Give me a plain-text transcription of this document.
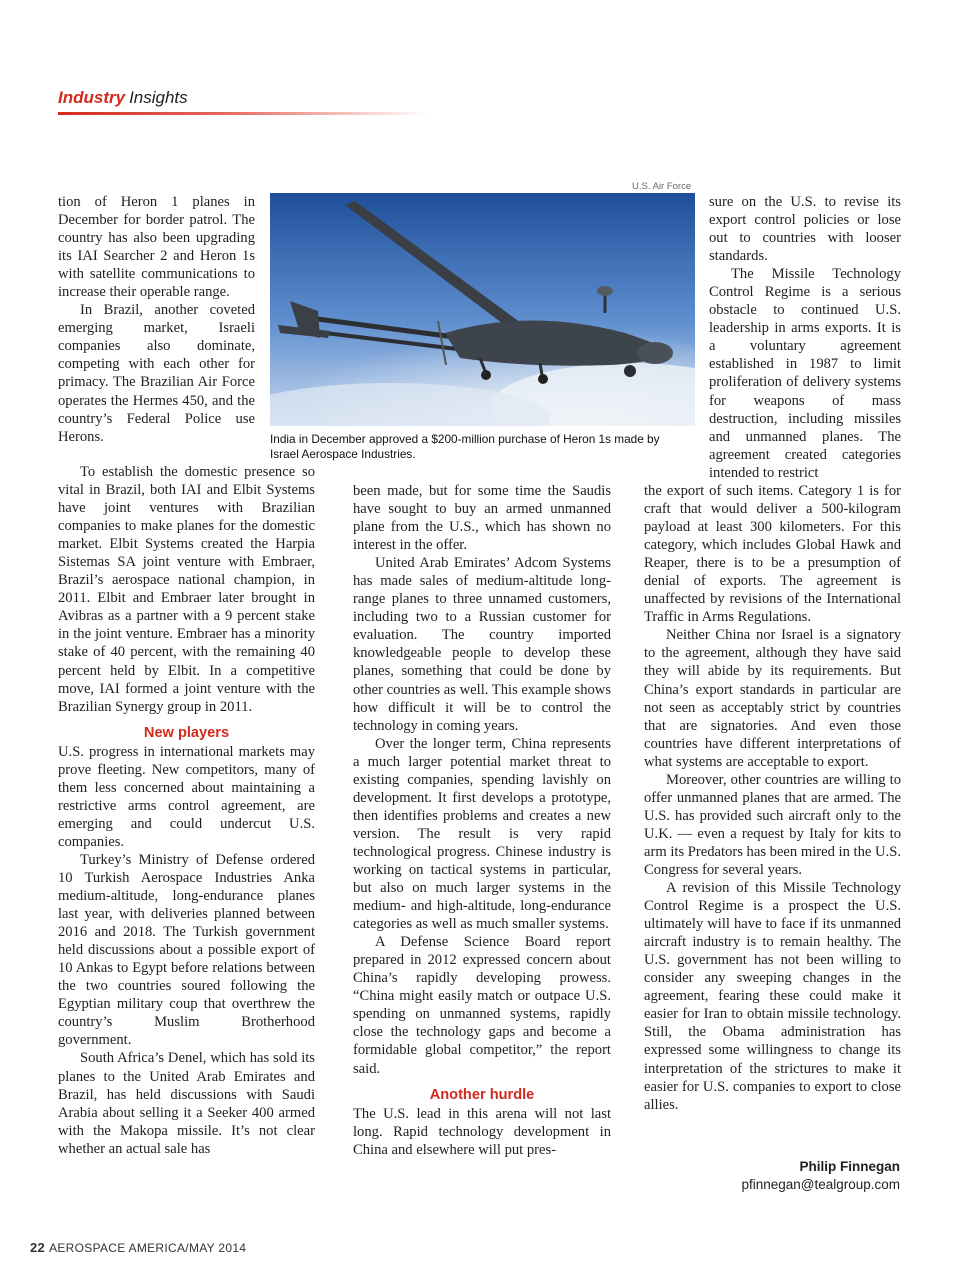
Industry Insights

tion of Heron 1 planes in December for border patrol. The country has also been upgrading its IAI Searcher 2 and Heron 1s with satellite communications to increase their operable range.

In Brazil, another coveted emerging market, Israeli companies also dominate, competing with each other for primacy. The Brazilian Air Force operates the Hermes 450, and the country’s Federal Police use Herons.

To establish the domestic presence so vital in Brazil, both IAI and Elbit Systems have joint ventures with Brazilian companies to make planes for the domestic market. Elbit Systems created the Harpia Sistemas SA joint venture with Embraer, Brazil’s aerospace national champion, in 2011. Elbit and Embraer later brought in Avibras as a partner with a 9 percent stake in the joint venture. Embraer has a minority stake of 40 percent, with the remaining 40 percent held by Elbit. In a competitive move, IAI formed a joint venture with the Brazilian Synergy group in 2011.

New players

U.S. progress in international markets may prove fleeting. New competitors, many of them less concerned about maintaining a restrictive arms control agreement, are emerging and could undercut U.S. companies.

Turkey’s Ministry of Defense ordered 10 Turkish Aerospace Industries Anka medium-altitude, long-endurance planes last year, with deliveries planned between 2016 and 2018. The Turkish government held discussions about a possible export of 10 Ankas to Egypt before relations between the two countries soured following the Egyptian military coup that overthrew the country’s Muslim Brotherhood government.

South Africa’s Denel, which has sold its planes to the United Arab Emirates and Brazil, has held discussions with Saudi Arabia about selling it a Seeker 400 armed with the Makopa missile. It’s not clear whether an actual sale has

U.S. Air Force
India in December approved a $200-million purchase of Heron 1s made by Israel Aerospace Industries.

been made, but for some time the Saudis have sought to buy an armed unmanned plane from the U.S., which has shown no interest in the offer.

United Arab Emirates’ Adcom Systems has made sales of medium-altitude long-range planes to three unnamed customers, including two to a Russian customer for evaluation. The country imported knowledgeable people to develop these planes, something that could be done by other countries as well. This example shows how difficult it will be to control the technology in coming years.

Over the longer term, China represents a much larger potential market threat to existing companies, spending lavishly on development. It first develops a prototype, then identifies problems and creates a new version. The result is very rapid technological progress. Chinese industry is working on tactical systems in particular, but also on much larger systems in the medium- and high-altitude, long-endurance categories as well as much smaller systems.

A Defense Science Board report prepared in 2012 expressed concern about China’s rapidly developing prowess. “China might easily match or outpace U.S. spending on unmanned systems, rapidly close the technology gaps and become a formidable global competitor,” the report said.

Another hurdle

The U.S. lead in this arena will not last long. Rapid technology development in China and elsewhere will put pres-

sure on the U.S. to revise its export control policies or lose out to countries with looser standards.

The Missile Technology Control Regime is a serious obstacle to continued U.S. leadership in arms exports. It is a voluntary agreement established in 1987 to limit proliferation of delivery systems for weapons of mass destruction, including missiles and unmanned planes. The agreement created categories intended to restrict

the export of such items. Category 1 is for craft that would deliver a 500-kilogram payload at least 300 kilometers. For this category, which includes Global Hawk and Reaper, there is to be a presumption of denial of exports. The agreement is unaffected by revisions of the International Traffic in Arms Regulations.

Neither China nor Israel is a signatory to the agreement, although they have said they will abide by its requirements. But China’s export standards in particular are not seen as acceptably strict by countries that are signatories. And even those countries have different interpretations of what systems are acceptable to export.

Moreover, other countries are willing to offer unmanned planes that are armed. The U.S. has provided such aircraft only to the U.K. — even a request by Italy for kits to arm its Predators has been mired in the U.S. Congress for several years.

A revision of this Missile Technology Control Regime is a prospect the U.S. ultimately will have to face if its unmanned aircraft industry is to remain healthy. The U.S. government has not been willing to consider any sweeping changes in the agreement, fearing these could make it easier for Iran to obtain missile technology. Still, the Obama administration has expressed some willingness to change its interpretation of the strictures to make it easier for U.S. companies to export to close allies.

Philip Finnegan
pfinnegan@tealgroup.com
22 AEROSPACE AMERICA/MAY 2014
